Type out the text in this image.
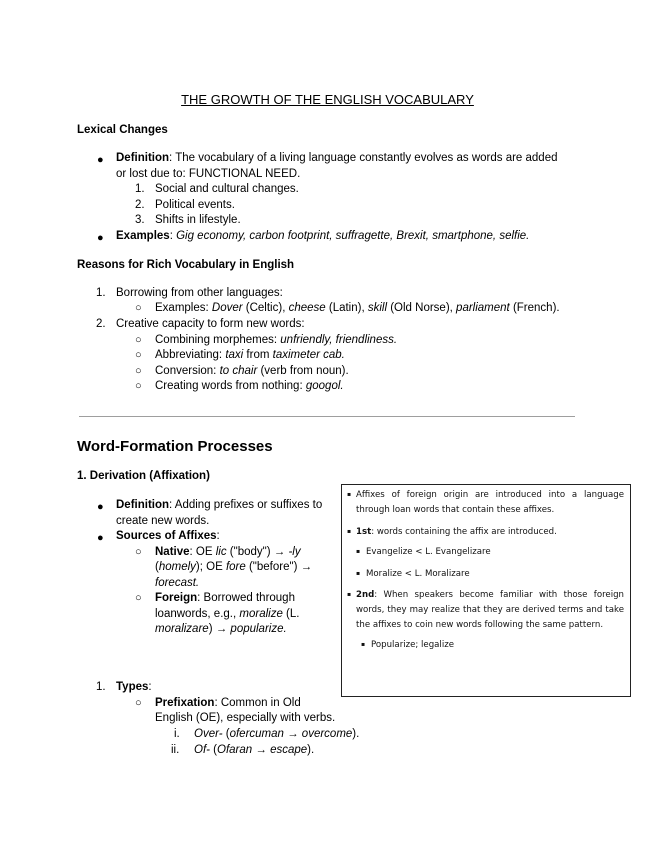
THE GROWTH OF THE ENGLISH VOCABULARY
Lexical Changes
● Definition: The vocabulary of a living language constantly evolves as words are added
or lost due to: FUNCTIONAL NEED.
1. Social and cultural changes.
2. Political events.
3. Shifts in lifestyle.
● Examples: Gig economy, carbon footprint, suffragette, Brexit, smartphone, selfie.
Reasons for Rich Vocabulary in English
1. Borrowing from other languages:
○ Examples: Dover (Celtic), cheese (Latin), skill (Old Norse), parliament (French).
2. Creative capacity to form new words:
○ Combining morphemes: unfriendly, friendliness.
○ Abbreviating: taxi from taximeter cab.
○ Conversion: to chair (verb from noun).
○ Creating words from nothing: googol.
Word-Formation Processes
1. Derivation (Affixation)
● Definition: Adding prefixes or suffixes to
create new words.
● Sources of Affixes:
○ Native: OE lic ("body") → -ly
(homely); OE fore ("before") →
forecast.
○ Foreign: Borrowed through
loanwords, e.g., moralize (L.
moralizare) → popularize.
1. Types:
○ Prefixation: Common in Old
English (OE), especially with verbs.
i. Over- (ofercuman → overcome).
ii. Of- (Ofaran → escape).
▪ Affixes of foreign origin are introduced into a language
through loan words that contain these affixes.
▪ 1st: words containing the affix are introduced.
▪ Evangelize < L. Evangelizare
▪ Moralize < L. Moralizare
▪ 2nd: When speakers become familiar with those foreign
words, they may realize that they are derived terms and take
the affixes to coin new words following the same pattern.
▪ Popularize; legalize
